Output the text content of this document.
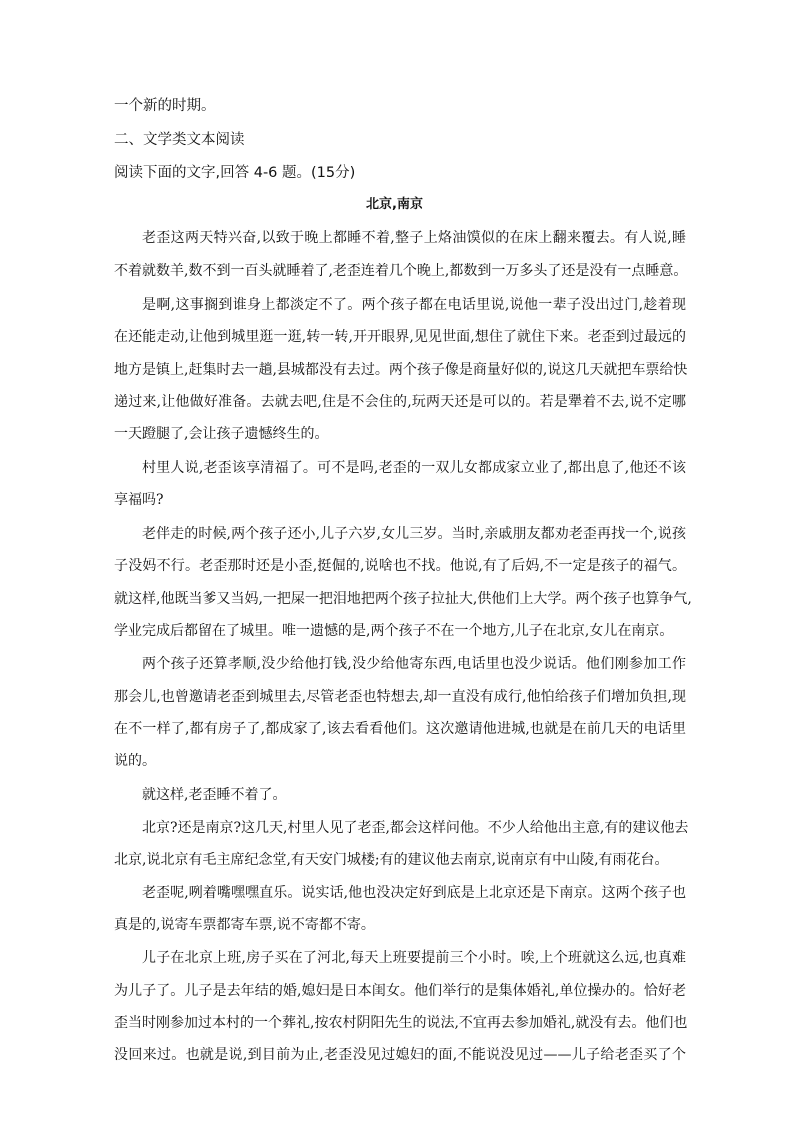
一个新的时期。
二、文学类文本阅读
阅读下面的文字,回答 4-6 题。(15分)
北京,南京
老歪这两天特兴奋,以致于晚上都睡不着,整子上烙油馍似的在床上翻来覆去。有人说,睡
不着就数羊,数不到一百头就睡着了,老歪连着几个晚上,都数到一万多头了还是没有一点睡意。
是啊,这事搁到谁身上都淡定不了。两个孩子都在电话里说,说他一辈子没出过门,趁着现
在还能走动,让他到城里逛一逛,转一转,开开眼界,见见世面,想住了就住下来。老歪到过最远的
地方是镇上,赶集时去一趟,县城都没有去过。两个孩子像是商量好似的,说这几天就把车票给快
递过来,让他做好准备。去就去吧,住是不会住的,玩两天还是可以的。若是犟着不去,说不定哪
一天蹬腿了,会让孩子遗憾终生的。
村里人说,老歪该享清福了。可不是吗,老歪的一双儿女都成家立业了,都出息了,他还不该
享福吗?
老伴走的时候,两个孩子还小,儿子六岁,女儿三岁。当时,亲戚朋友都劝老歪再找一个,说孩
子没妈不行。老歪那时还是小歪,挺倔的,说啥也不找。他说,有了后妈,不一定是孩子的福气。
就这样,他既当爹又当妈,一把屎一把泪地把两个孩子拉扯大,供他们上大学。两个孩子也算争气,
学业完成后都留在了城里。唯一遗憾的是,两个孩子不在一个地方,儿子在北京,女儿在南京。
两个孩子还算孝顺,没少给他打钱,没少给他寄东西,电话里也没少说话。他们刚参加工作
那会儿,也曾邀请老歪到城里去,尽管老歪也特想去,却一直没有成行,他怕给孩子们增加负担,现
在不一样了,都有房子了,都成家了,该去看看他们。这次邀请他进城,也就是在前几天的电话里
说的。
就这样,老歪睡不着了。
北京?还是南京?这几天,村里人见了老歪,都会这样问他。不少人给他出主意,有的建议他去
北京,说北京有毛主席纪念堂,有天安门城楼;有的建议他去南京,说南京有中山陵,有雨花台。
老歪呢,咧着嘴嘿嘿直乐。说实话,他也没决定好到底是上北京还是下南京。这两个孩子也
真是的,说寄车票都寄车票,说不寄都不寄。
儿子在北京上班,房子买在了河北,每天上班要提前三个小时。唉,上个班就这么远,也真难
为儿子了。儿子是去年结的婚,媳妇是日本闺女。他们举行的是集体婚礼,单位操办的。恰好老
歪当时刚参加过本村的一个葬礼,按农村阴阳先生的说法,不宜再去参加婚礼,就没有去。他们也
没回来过。也就是说,到目前为止,老歪没见过媳妇的面,不能说没见过——儿子给老歪买了个
